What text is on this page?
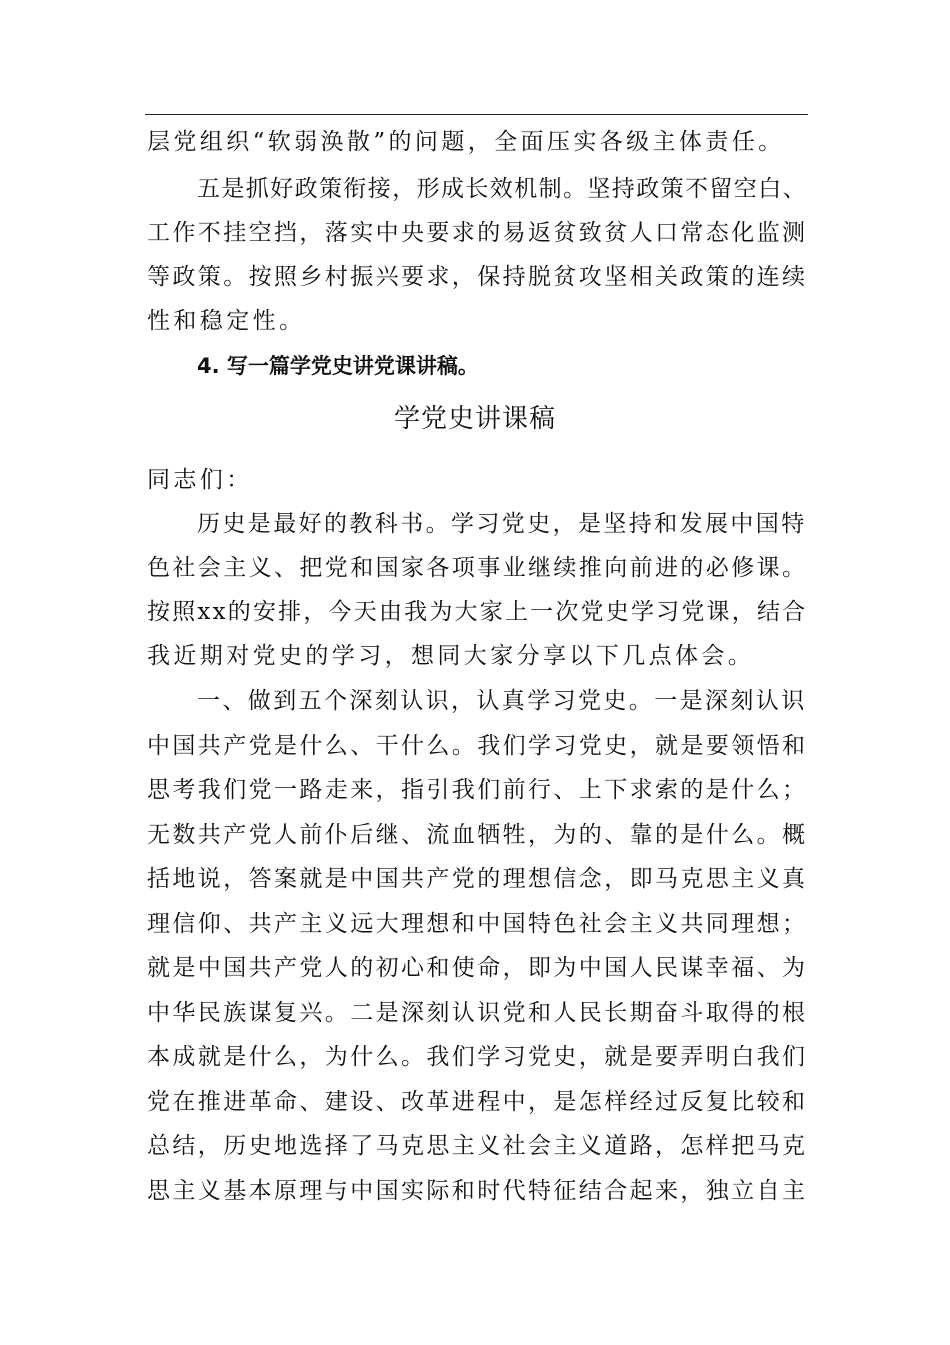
层党组织“软弱涣散”的问题，全面压实各级主体责任。
五是抓好政策衔接，形成长效机制。坚持政策不留空白、
工作不挂空挡，落实中央要求的易返贫致贫人口常态化监测
等政策。按照乡村振兴要求，保持脱贫攻坚相关政策的连续
性和稳定性。
4. 写一篇学党史讲党课讲稿。
学党史讲课稿
同志们：
历史是最好的教科书。学习党史，是坚持和发展中国特
色社会主义、把党和国家各项事业继续推向前进的必修课。
按照xx的安排，今天由我为大家上一次党史学习党课，结合
我近期对党史的学习，想同大家分享以下几点体会。
一、做到五个深刻认识，认真学习党史。一是深刻认识
中国共产党是什么、干什么。我们学习党史，就是要领悟和
思考我们党一路走来，指引我们前行、上下求索的是什么；
无数共产党人前仆后继、流血牺牲，为的、靠的是什么。概
括地说，答案就是中国共产党的理想信念，即马克思主义真
理信仰、共产主义远大理想和中国特色社会主义共同理想；
就是中国共产党人的初心和使命，即为中国人民谋幸福、为
中华民族谋复兴。二是深刻认识党和人民长期奋斗取得的根
本成就是什么，为什么。我们学习党史，就是要弄明白我们
党在推进革命、建设、改革进程中，是怎样经过反复比较和
总结，历史地选择了马克思主义社会主义道路，怎样把马克
思主义基本原理与中国实际和时代特征结合起来，独立自主
